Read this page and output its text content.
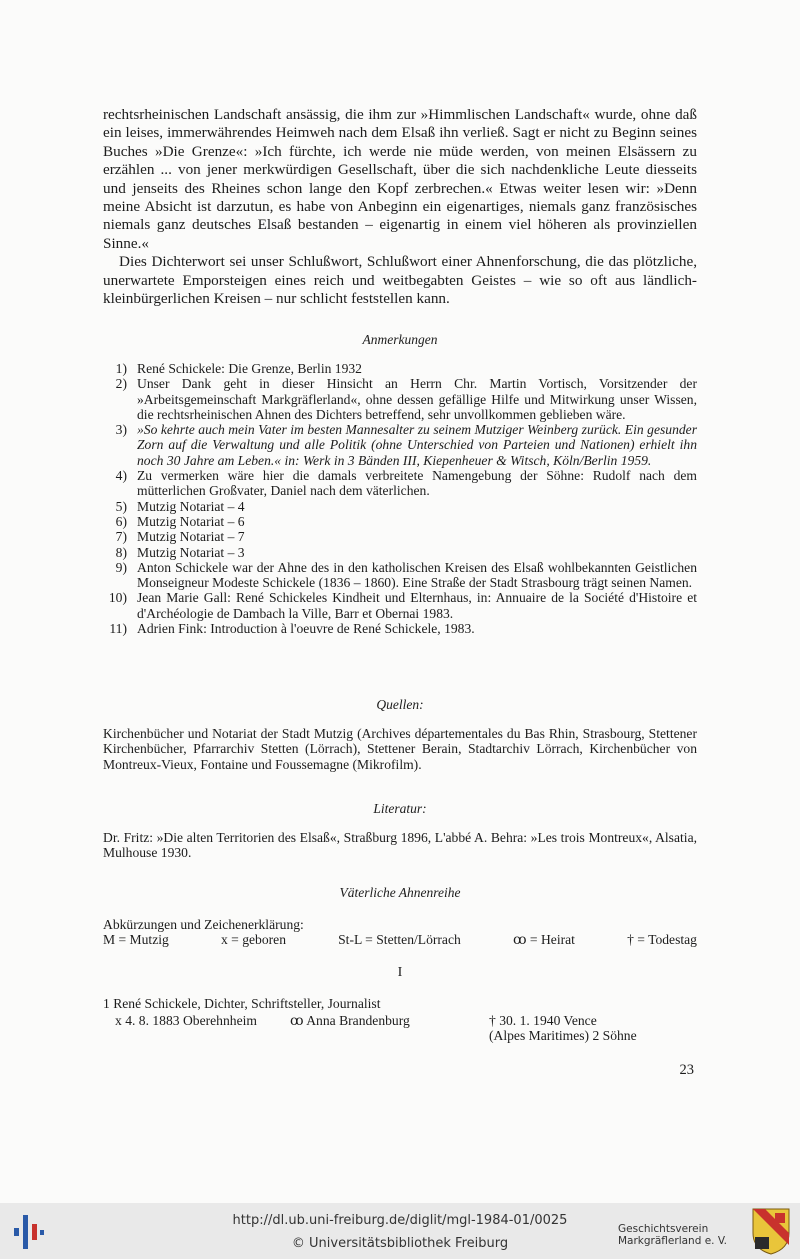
rechtsrheinischen Landschaft ansässig, die ihm zur »Himmlischen Landschaft« wurde, ohne daß ein leises, immerwährendes Heimweh nach dem Elsaß ihn verließ. Sagt er nicht zu Beginn seines Buches »Die Grenze«: »Ich fürchte, ich werde nie müde werden, von meinen Elsässern zu erzählen ... von jener merkwürdigen Gesellschaft, über die sich nachdenkliche Leute diesseits und jenseits des Rheines schon lange den Kopf zerbrechen.« Etwas weiter lesen wir: »Denn meine Absicht ist darzutun, es habe von Anbeginn ein eigenartiges, niemals ganz französisches niemals ganz deutsches Elsaß bestanden – eigenartig in einem viel höheren als provinziellen Sinne.«

Dies Dichterwort sei unser Schlußwort, Schlußwort einer Ahnenforschung, die das plötzliche, unerwartete Emporsteigen eines reich und weitbegabten Geistes – wie so oft aus ländlich-kleinbürgerlichen Kreisen – nur schlicht feststellen kann.

Anmerkungen
1) René Schickele: Die Grenze, Berlin 1932
2) Unser Dank geht in dieser Hinsicht an Herrn Chr. Martin Vortisch, Vorsitzender der »Arbeitsgemeinschaft Markgräflerland«, ohne dessen gefällige Hilfe und Mitwirkung unser Wissen, die rechtsrheinischen Ahnen des Dichters betreffend, sehr unvollkommen geblieben wäre.
3) »So kehrte auch mein Vater im besten Mannesalter zu seinem Mutziger Weinberg zurück. Ein gesunder Zorn auf die Verwaltung und alle Politik (ohne Unterschied von Parteien und Nationen) erhielt ihn noch 30 Jahre am Leben.« in: Werk in 3 Bänden III, Kiepenheuer & Witsch, Köln/Berlin 1959.
4) Zu vermerken wäre hier die damals verbreitete Namengebung der Söhne: Rudolf nach dem mütterlichen Großvater, Daniel nach dem väterlichen.
5) Mutzig Notariat – 4
6) Mutzig Notariat – 6
7) Mutzig Notariat – 7
8) Mutzig Notariat – 3
9) Anton Schickele war der Ahne des in den katholischen Kreisen des Elsaß wohlbekannten Geistlichen Monseigneur Modeste Schickele (1836 – 1860). Eine Straße der Stadt Strasbourg trägt seinen Namen.
10) Jean Marie Gall: René Schickeles Kindheit und Elternhaus, in: Annuaire de la Société d'Histoire et d'Archéologie de Dambach la Ville, Barr et Obernai 1983.
11) Adrien Fink: Introduction à l'oeuvre de René Schickele, 1983.
Quellen:
Kirchenbücher und Notariat der Stadt Mutzig (Archives départementales du Bas Rhin, Strasbourg, Stettener Kirchenbücher, Pfarrarchiv Stetten (Lörrach), Stettener Berain, Stadtarchiv Lörrach, Kirchenbücher von Montreux-Vieux, Fontaine und Foussemagne (Mikrofilm).
Literatur:
Dr. Fritz: »Die alten Territorien des Elsaß«, Straßburg 1896, L'abbé A. Behra: »Les trois Montreux«, Alsatia, Mulhouse 1930.
Väterliche Ahnenreihe
Abkürzungen und Zeichenerklärung:
M = Mutzig	x = geboren	St-L = Stetten/Lörrach	ꝏ = Heirat	† = Todestag
I
1 René Schickele, Dichter, Schriftsteller, Journalist
x 4. 8. 1883 Oberehnheim ꝏ Anna Brandenburg	† 30. 1. 1940 Vence
(Alpes Maritimes) 2 Söhne
23
http://dl.ub.uni-freiburg.de/diglit/mgl-1984-01/0025
© Universitätsbibliothek Freiburg
Geschichtsverein
Markgräflerland e. V.
